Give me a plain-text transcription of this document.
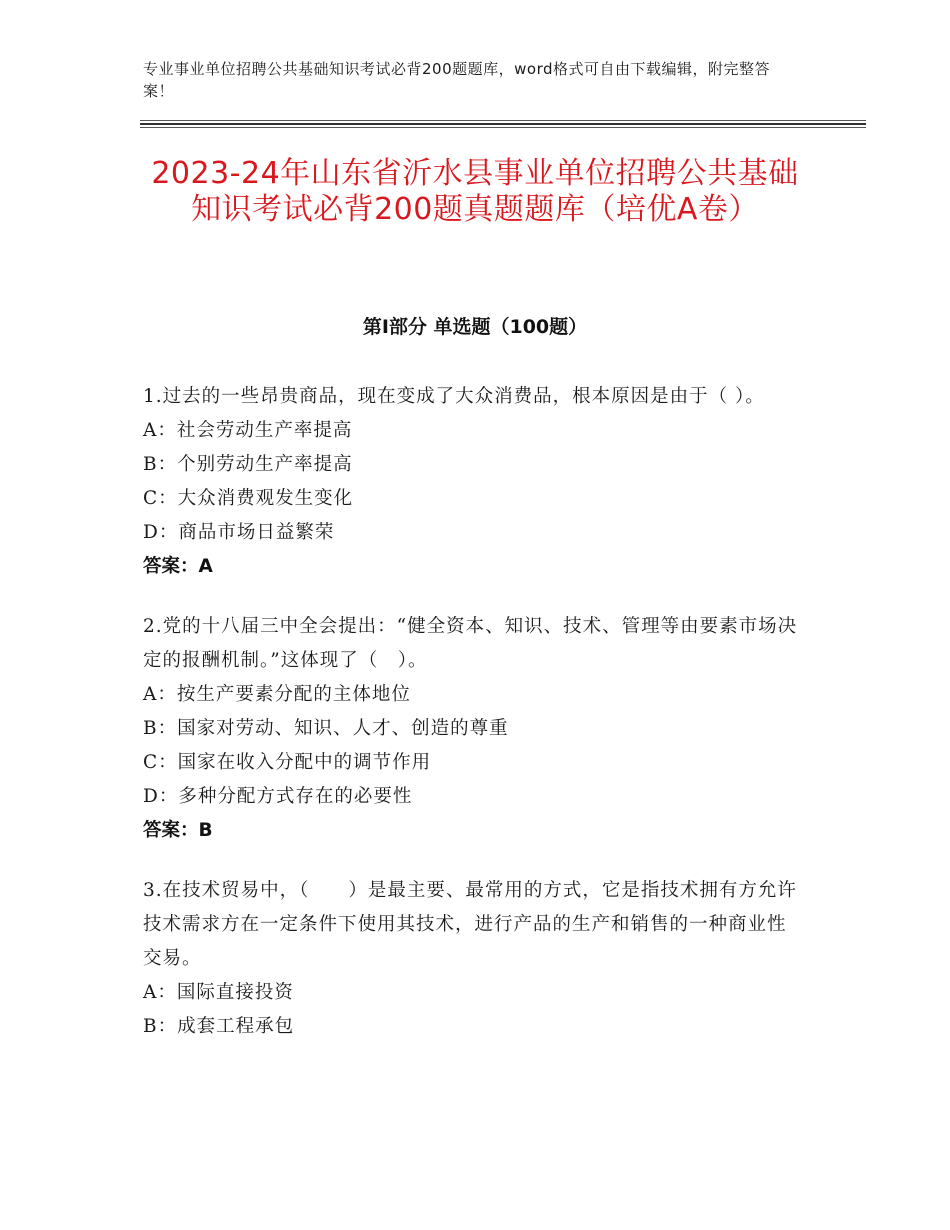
专业事业单位招聘公共基础知识考试必背200题题库，word格式可自由下载编辑，附完整答案！
2023-24年山东省沂水县事业单位招聘公共基础知识考试必背200题真题题库（培优A卷）
第I部分 单选题（100题）
1.过去的一些昂贵商品，现在变成了大众消费品，根本原因是由于（ ）。
A：社会劳动生产率提高
B：个别劳动生产率提高
C：大众消费观发生变化
D：商品市场日益繁荣
答案：A
2.党的十八届三中全会提出：“健全资本、知识、技术、管理等由要素市场决定的报酬机制。”这体现了（　）。
A：按生产要素分配的主体地位
B：国家对劳动、知识、人才、创造的尊重
C：国家在收入分配中的调节作用
D：多种分配方式存在的必要性
答案：B
3.在技术贸易中，（　　）是最主要、最常用的方式，它是指技术拥有方允许技术需求方在一定条件下使用其技术，进行产品的生产和销售的一种商业性交易。
A：国际直接投资
B：成套工程承包
